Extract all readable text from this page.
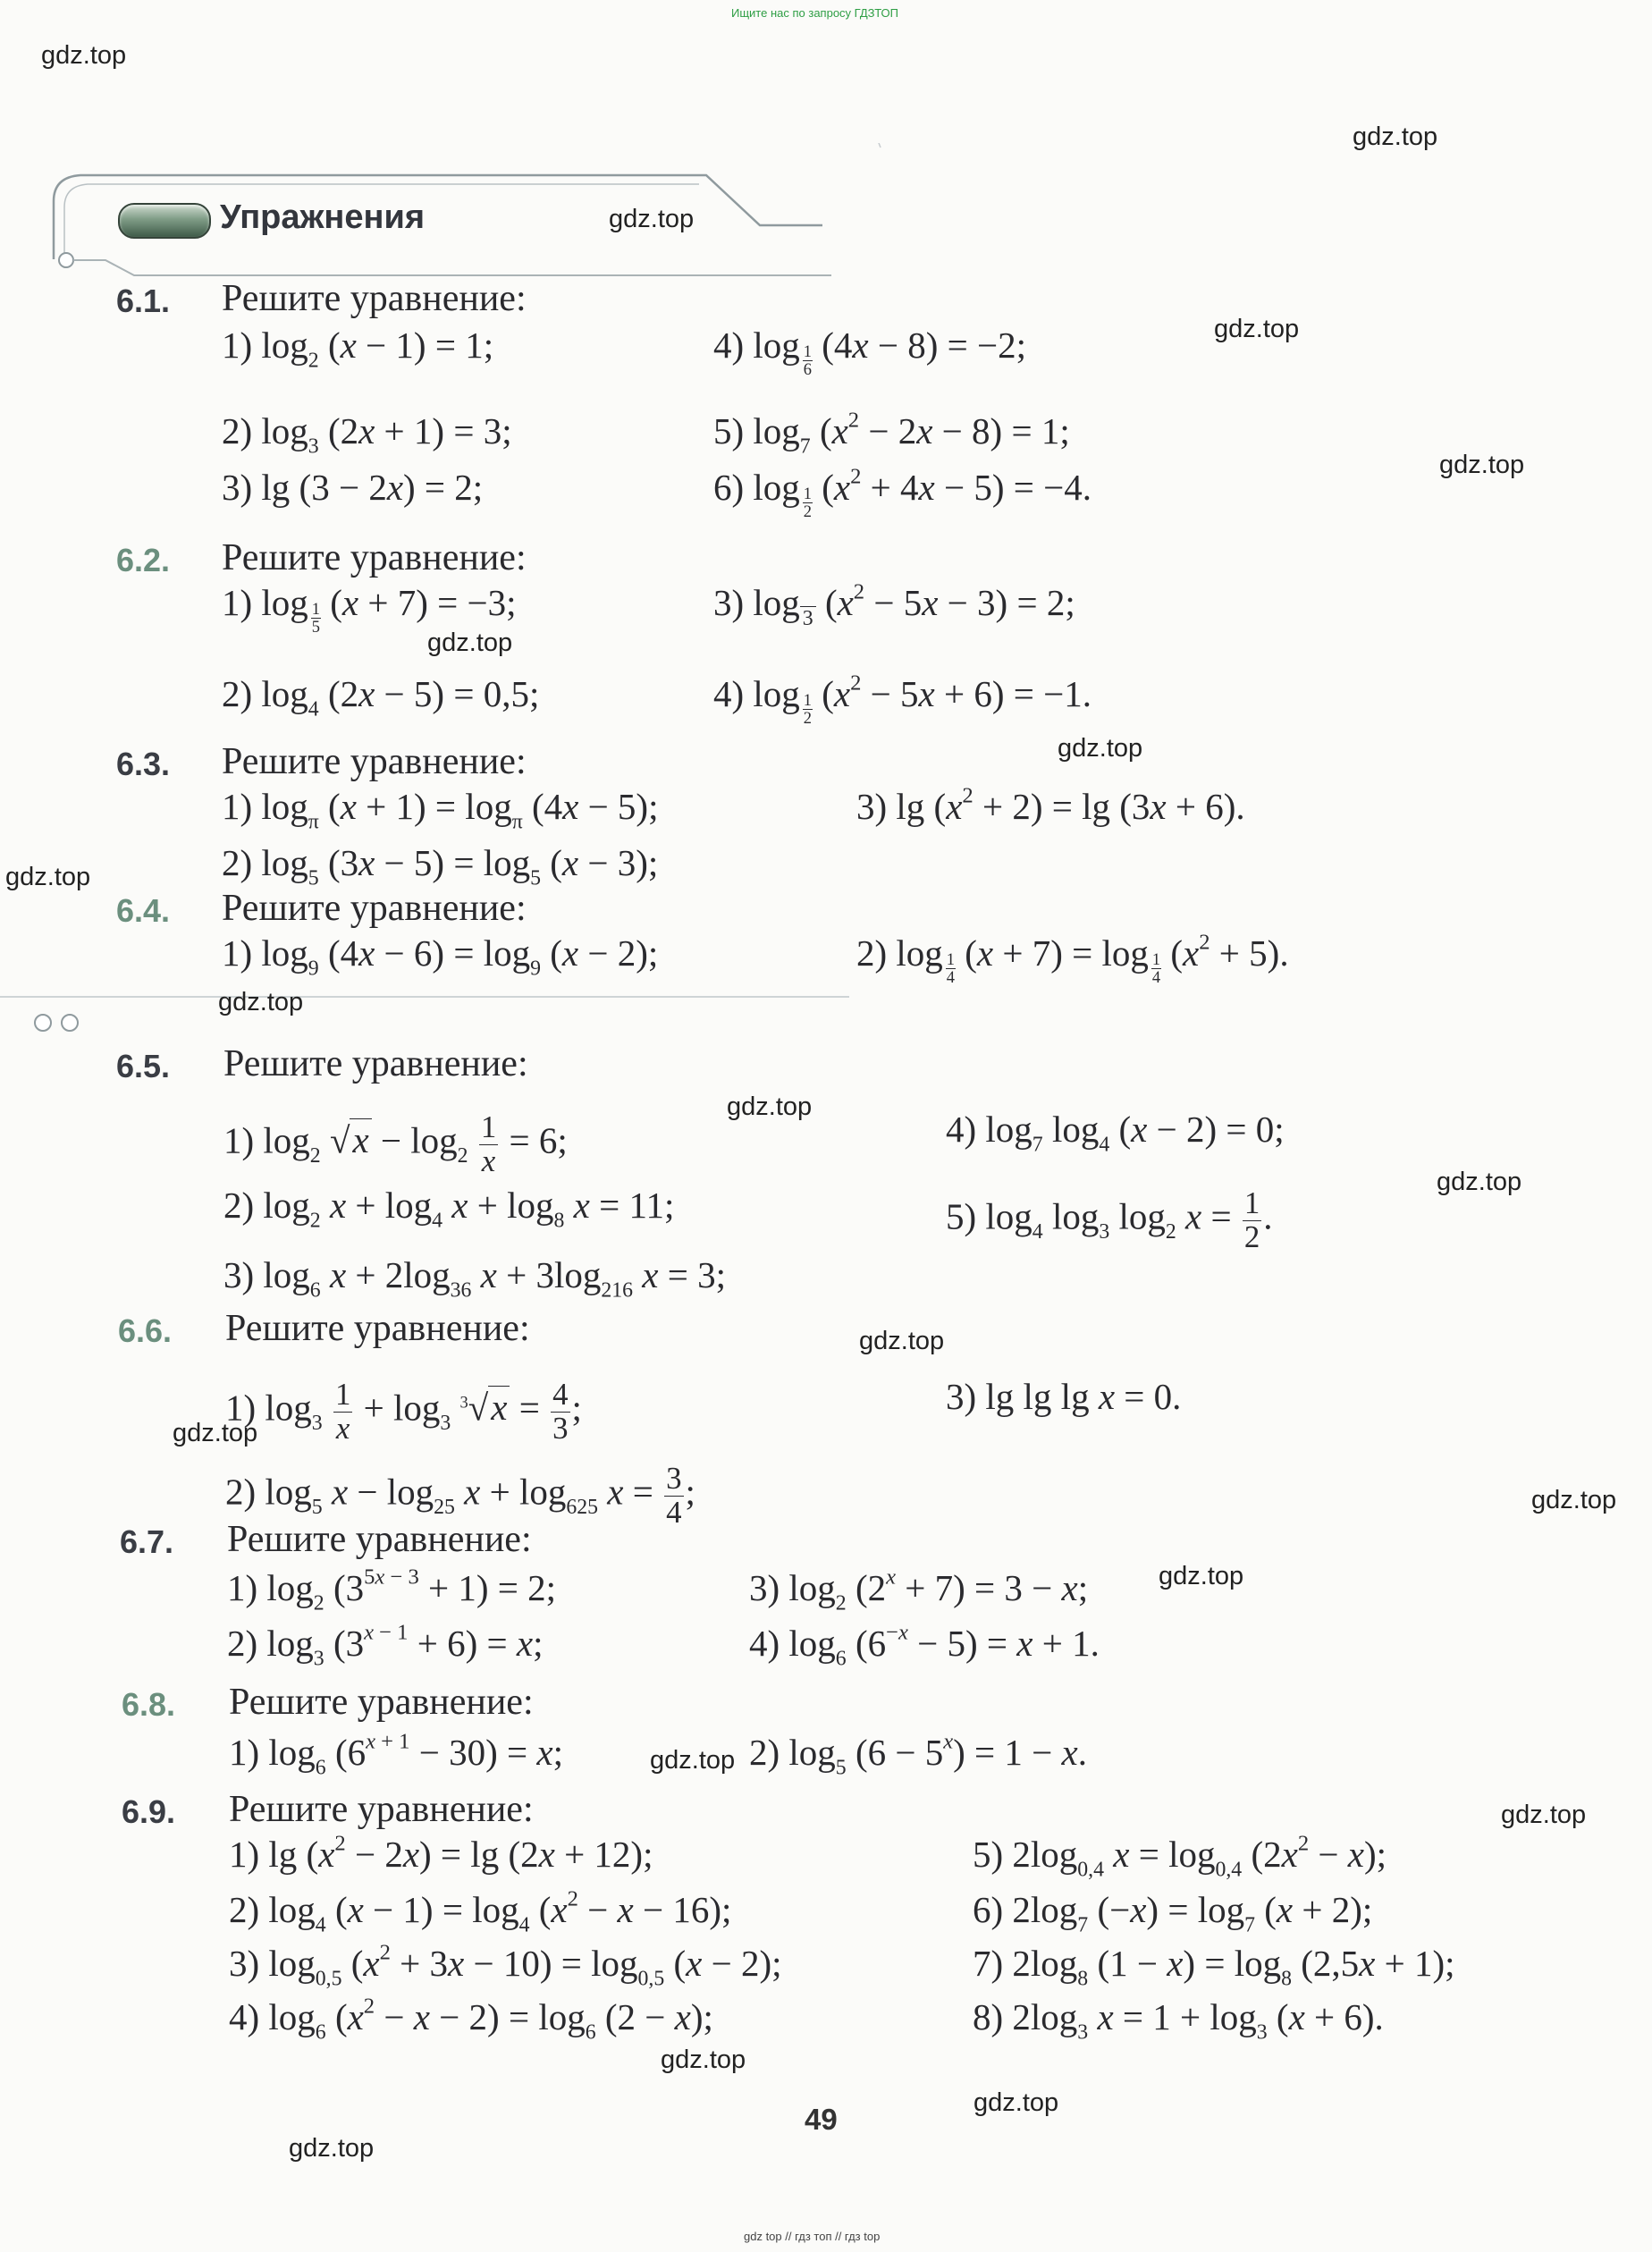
Ищите нас по запросу ГДЗТОП
Упражнения
gdz.top
gdz.top
gdz.top
gdz.top
gdz.top
gdz.top
gdz.top
gdz.top
gdz.top
gdz.top
gdz.top
gdz.top
gdz.top
gdz.top
gdz.top
gdz.top
gdz.top
gdz.top
gdz.top
gdz.top
6.1. Решите уравнение:
1) $\log_2 (x - 1) = 1$;	4) $\log \frac{1}{6} (4x - 8) = -2$;
2) $\log_3 (2x + 1) = 3$;	5) $\log_7 (x^2 - 2x - 8) = 1$;
3) lg (3 − 2x) = 2;	6) $\log \frac{1}{2} (x^2 + 4x - 5) = -4$.
6.2. Решите уравнение:
1) $\log \frac{1}{5} (x + 7) = -3$;	3) log $_3$ $(x^2 - 5x - 3) = 2$;
2) $\log_4 (2x - 5) = 0,5$;	4) $\log \frac{1}{2} (x^2 - 5x + 6) = -1$.
6.3. Решите уравнение:
1) $\log_\pi (x + 1) = \log_\pi (4x - 5)$;	3) $\lg (x^2 + 2) = \lg (3x + 6)$.
2) $\log_5 (3x - 5) = \log_5 (x - 3)$;
6.4. Решите уравнение:
1) $\log_9 (4x - 6) = \log_9 (x - 2)$;	2) $\log \frac{1}{4} (x + 7) = \log \frac{1}{4} (x^2 + 5)$.
6.5. Решите уравнение:
1) $\log_2 √x - \log_2 \frac{1}{x} = 6$;	4) $\log_7 \log_4 (x - 2) = 0$;
2) $\log_2 x + \log_4 x + \log_8 x = 11$;	5) $\log_4 \log_3 \log_2 x = \frac{1}{2}$ .
3) $\log_6 x + 2\log_{36}$ $x + 3\log_{216}$ x = 3;
6.6. Решите уравнение:
1) $\log_3 \frac{1}{x} + \log_3 ^3√x = \frac{4}{3}$ ;	3) lg lg lg x = 0.
2) $\log_5 x - \log_{25} x + \log_{625} x = \frac{3}{4}$ ;
6.7. Решите уравнение:
1) $\log_2 (3^{5x - 3} + 1) = 2$;	3) $\log_2 (2^x + 7) = 3 - x$;
2) $\log_3 (3^{x - 1} + 6) = x$;	4) $\log_6 (6^{-x} - 5) = x + 1$.
6.8. Решите уравнение:
1) $\log_6 (6^{x + 1} - 30) = x$;	2) $\log_5 (6 - 5^x) = 1 - x$.
6.9. Решите уравнение:
1) $\lg (x^2 - 2x) = \lg (2x + 12)$;	5) $2\log_{0,4}$ $x = \log_{0,4} (2x^2 - x)$;
2) $\log_4 (x - 1) = \log_4 (x^2 - x - 16)$;	6) $2\log_7$ $(-x) = \log_7 (x + 2)$;
3) $\log_{0,5} (x^2 + 3x - 10) = \log_{0,5} (x - 2)$;	7) $2\log_8$ $(1 - x) = \log_8 (2,5x + 1)$;
4) $\log_6 (x^2 - x - 2) = \log_6 (2 - x)$;	8) $2\log_3$ $x = 1 + \log_3 (x + 6)$.
49
gdz top // гдз топ // гдз top
